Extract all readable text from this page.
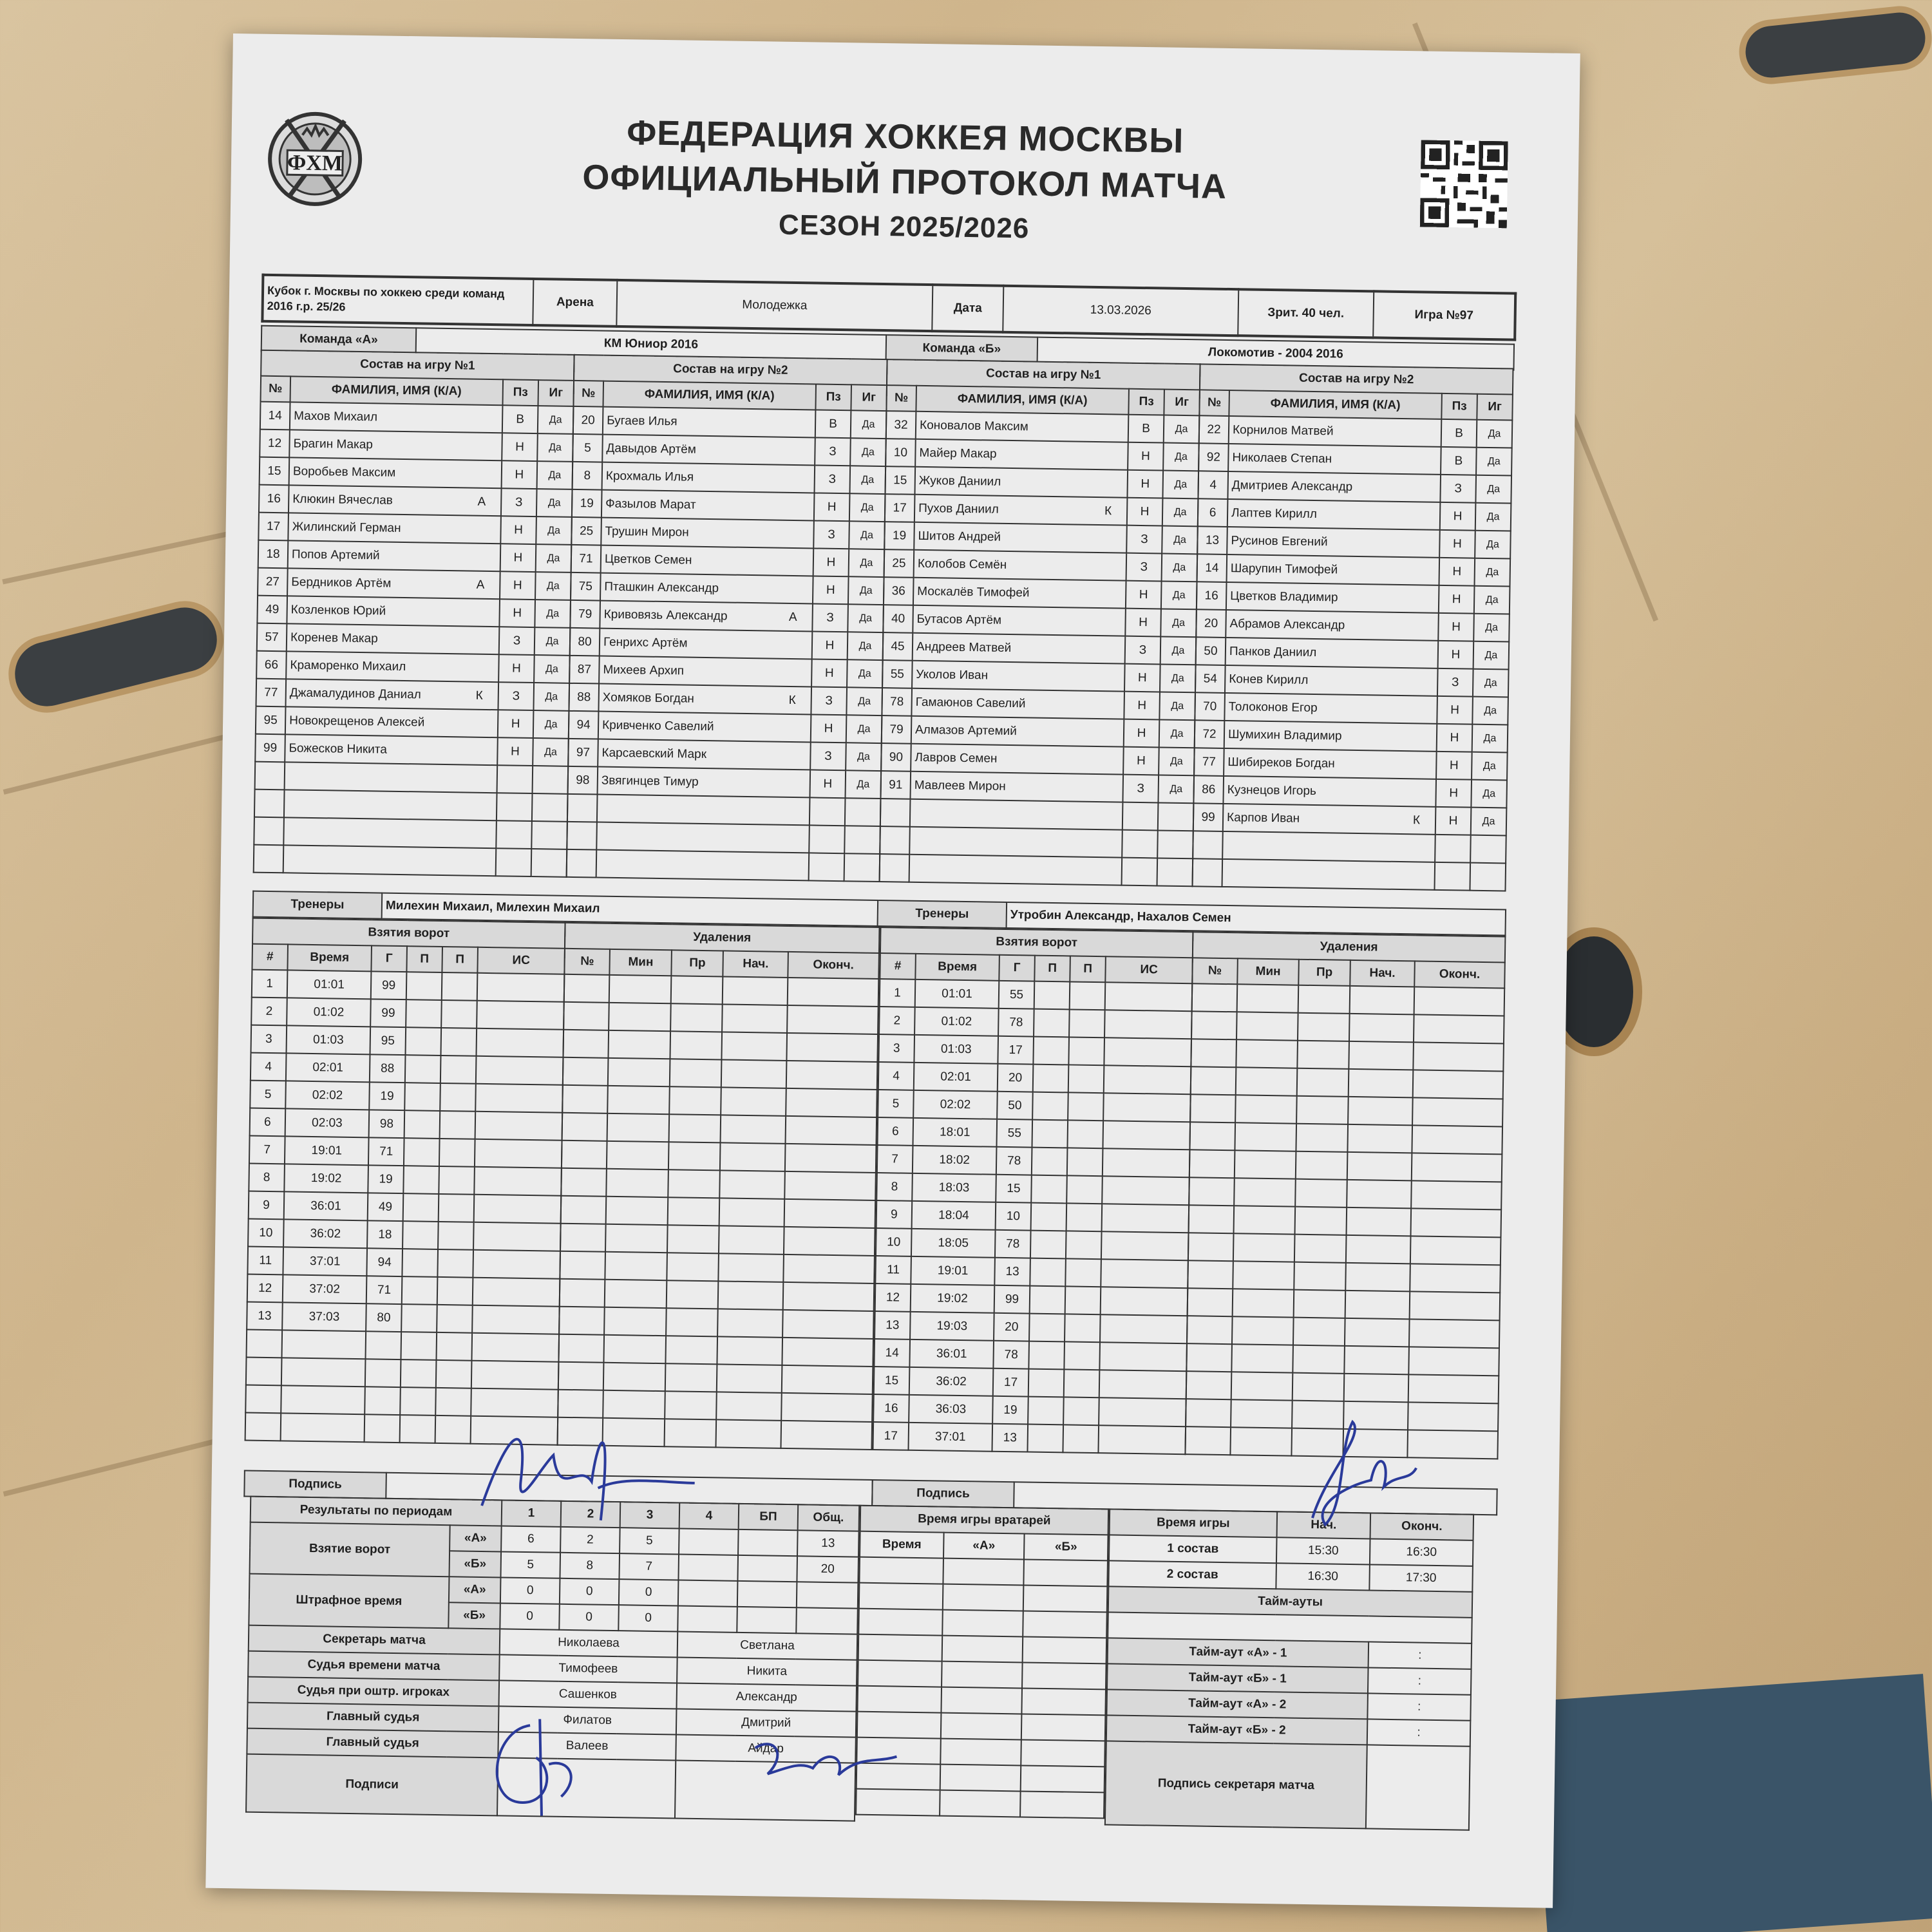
ФХМ
ФЕДЕРАЦИЯ ХОККЕЯ МОСКВЫ
ОФИЦИАЛЬНЫЙ ПРОТОКОЛ МАТЧА
СЕЗОН 2025/2026
Кубок г. Москвы по хоккею среди команд 2016 г.р. 25/26	Арена	Молодежка	Дата	13.03.2026	Зрит. 40 чел.	Игра №97
Команда «А»	КМ Юниор 2016	Команда «Б»	Локомотив - 2004 2016
Состав на игру №1			
№	ФАМИЛИЯ, ИМЯ (К/А)	Пз	Иг
14	Махов Михаил	В	Да
12	Брагин Макар	Н	Да
15	Воробьев Максим	Н	Да
16	Клюкин Вячеслав А	З	Да
17	Жилинский Герман	Н	Да
18	Попов Артемий	Н	Да
27	Бердников Артём А	Н	Да
49	Козленков Юрий	Н	Да
57	Коренев Макар	З	Да
66	Краморенко Михаил	Н	Да
77	Джамалудинов Даниал К	З	Да
95	Новокрещенов Алексей	Н	Да
99	Божесков Никита	Н	Да

Состав на игру №2			
№	ФАМИЛИЯ, ИМЯ (К/А)	Пз	Иг
20	Бугаев Илья	В	Да
5	Давыдов Артём	З	Да
8	Крохмаль Илья	З	Да
19	Фазылов Марат	Н	Да
25	Трушин Мирон	З	Да
71	Цветков Семен	Н	Да
75	Пташкин Александр	Н	Да
79	Кривовязь Александр А	З	Да
80	Генрихс Артём	Н	Да
87	Михеев Архип	Н	Да
88	Хомяков Богдан К	З	Да
94	Кривченко Савелий	Н	Да
97	Карсаевский Марк	З	Да
98	Звягинцев Тимур	Н	Да

Состав на игру №1			
№	ФАМИЛИЯ, ИМЯ (К/А)	Пз	Иг
32	Коновалов Максим	В	Да
10	Майер Макар	Н	Да
15	Жуков Даниил	Н	Да
17	Пухов Даниил К	Н	Да
19	Шитов Андрей	З	Да
25	Колобов Семён	З	Да
36	Москалёв Тимофей	Н	Да
40	Бутасов Артём	Н	Да
45	Андреев Матвей	З	Да
55	Уколов Иван	Н	Да
78	Гамаюнов Савелий	Н	Да
79	Алмазов Артемий	Н	Да
90	Лавров Семен	Н	Да
91	Мавлеев Мирон	З	Да

Состав на игру №2			
№	ФАМИЛИЯ, ИМЯ (К/А)	Пз	Иг
22	Корнилов Матвей	В	Да
92	Николаев Степан	В	Да
4	Дмитриев Александр	З	Да
6	Лаптев Кирилл	Н	Да
13	Русинов Евгений	Н	Да
14	Шарупин Тимофей	Н	Да
16	Цветков Владимир	Н	Да
20	Абрамов Александр	Н	Да
50	Панков Даниил	Н	Да
54	Конев Кирилл	З	Да
70	Толоконов Егор	Н	Да
72	Шумихин Владимир	Н	Да
77	Шибиреков Богдан	Н	Да
86	Кузнецов Игорь	Н	Да
99	Карпов Иван К	Н	Да

Тренеры	Милехин Михаил, Милехин Михаил	Тренеры	Утробин Александр, Нахалов Семен
Взятия ворот					
#	Время	Г	П	П	ИС
1	01:01	99			
2	01:02	99			
3	01:03	95			
4	02:01	88			
5	02:02	19			
6	02:03	98			
7	19:01	71			
8	19:02	19			
9	36:01	49			
10	36:02	18			
11	37:01	94			
12	37:02	71			
13	37:03	80			

Удаления				
№	Мин	Пр	Нач.	Оконч.

Взятия ворот					
#	Время	Г	П	П	ИС
1	01:01	55			
2	01:02	78			
3	01:03	17			
4	02:01	20			
5	02:02	50			
6	18:01	55			
7	18:02	78			
8	18:03	15			
9	18:04	10			
10	18:05	78			
11	19:01	13			
12	19:02	99			
13	19:03	20			
14	36:01	78			
15	36:02	17			
16	36:03	19			
17	37:01	13			
Удаления				
№	Мин	Пр	Нач.	Оконч.

Подпись	
Подпись	
Результаты по периодам		1	2	3	4	БП	Общ.
Взятие ворот	«А»	6	2	5			13
	«Б»	5	8	7			20
Штрафное время	«А»	0	0	0			
	«Б»	0	0	0			
Секретарь матча		Николаева			Светлана		
Судья времени матча		Тимофеев			Никита		
Судья при оштр. игроках		Сашенков			Александр		
Главный судья		Филатов			Дмитрий		
Главный судья		Валеев			Айдар		
Подписи							
Время игры вратарей		
Время	«А»	«Б»

Время игры	Нач.	Оконч.
1 состав	15:30	16:30
2 состав	16:30	17:30
Тайм-ауты		

Тайм-аут «А» - 1		:
Тайм-аут «Б» - 1		:
Тайм-аут «А» - 2		:
Тайм-аут «Б» - 2		:
Подпись секретаря матча		
